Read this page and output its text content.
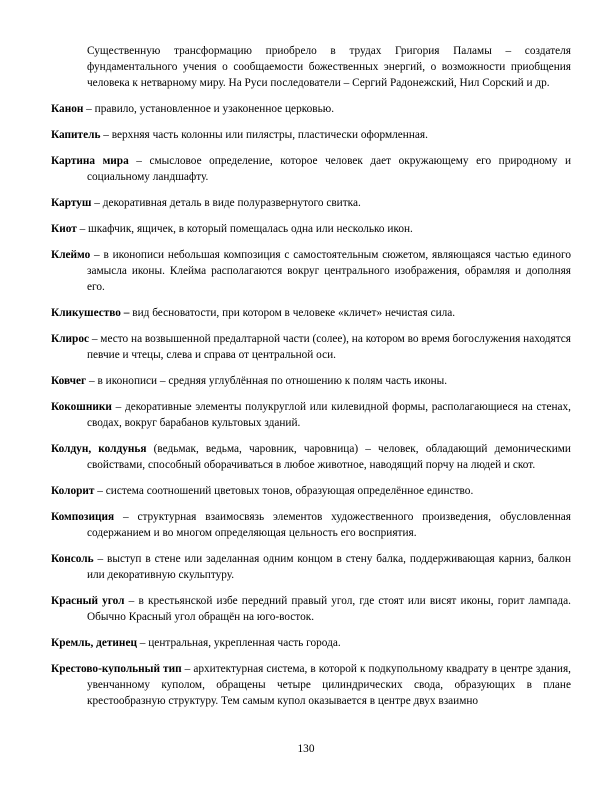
Существенную трансформацию приобрело в трудах Григория Паламы – создателя фундаментального учения о сообщаемости божественных энергий, о возможности приобщения человека к нетварному миру. На Руси последователи – Сергий Радонежский, Нил Сорский и др.

Канон – правило, установленное и узаконенное церковью.

Капитель – верхняя часть колонны или пилястры, пластически оформленная.

Картина мира – смысловое определение, которое человек дает окружающему его природному и социальному ландшафту.

Картуш – декоративная деталь в виде полуразвернутого свитка.

Киот – шкафчик, ящичек, в который помещалась одна или несколько икон.

Клеймо – в иконописи небольшая композиция с самостоятельным сюжетом, являющаяся частью единого замысла иконы. Клейма располагаются вокруг центрального изображения, обрамляя и дополняя его.

Кликушество – вид бесноватости, при котором в человеке «кличет» нечистая сила.

Клирос – место на возвышенной предалтарной части (солее), на котором во время богослужения находятся певчие и чтецы, слева и справа от центральной оси.

Ковчег – в иконописи – средняя углублённая по отношению к полям часть иконы.

Кокошники – декоративные элементы полукруглой или килевидной формы, располагающиеся на стенах, сводах, вокруг барабанов культовых зданий.

Колдун, колдунья (ведьмак, ведьма, чаровник, чаровница) – человек, обладающий демоническими свойствами, способный оборачиваться в любое животное, наводящий порчу на людей и скот.

Колорит – система соотношений цветовых тонов, образующая определённое единство.

Композиция – структурная взаимосвязь элементов художественного произведения, обусловленная содержанием и во многом определяющая цельность его восприятия.

Консоль – выступ в стене или заделанная одним концом в стену балка, поддерживающая карниз, балкон или декоративную скульптуру.

Красный угол – в крестьянской избе передний правый угол, где стоят или висят иконы, горит лампада. Обычно Красный угол обращён на юго-восток.

Кремль, детинец – центральная, укрепленная часть города.

Крестово-купольный тип – архитектурная система, в которой к подкупольному квадрату в центре здания, увенчанному куполом, обращены четыре цилиндрических свода, образующих в плане крестообразную структуру. Тем самым купол оказывается в центре двух взаимно

130
